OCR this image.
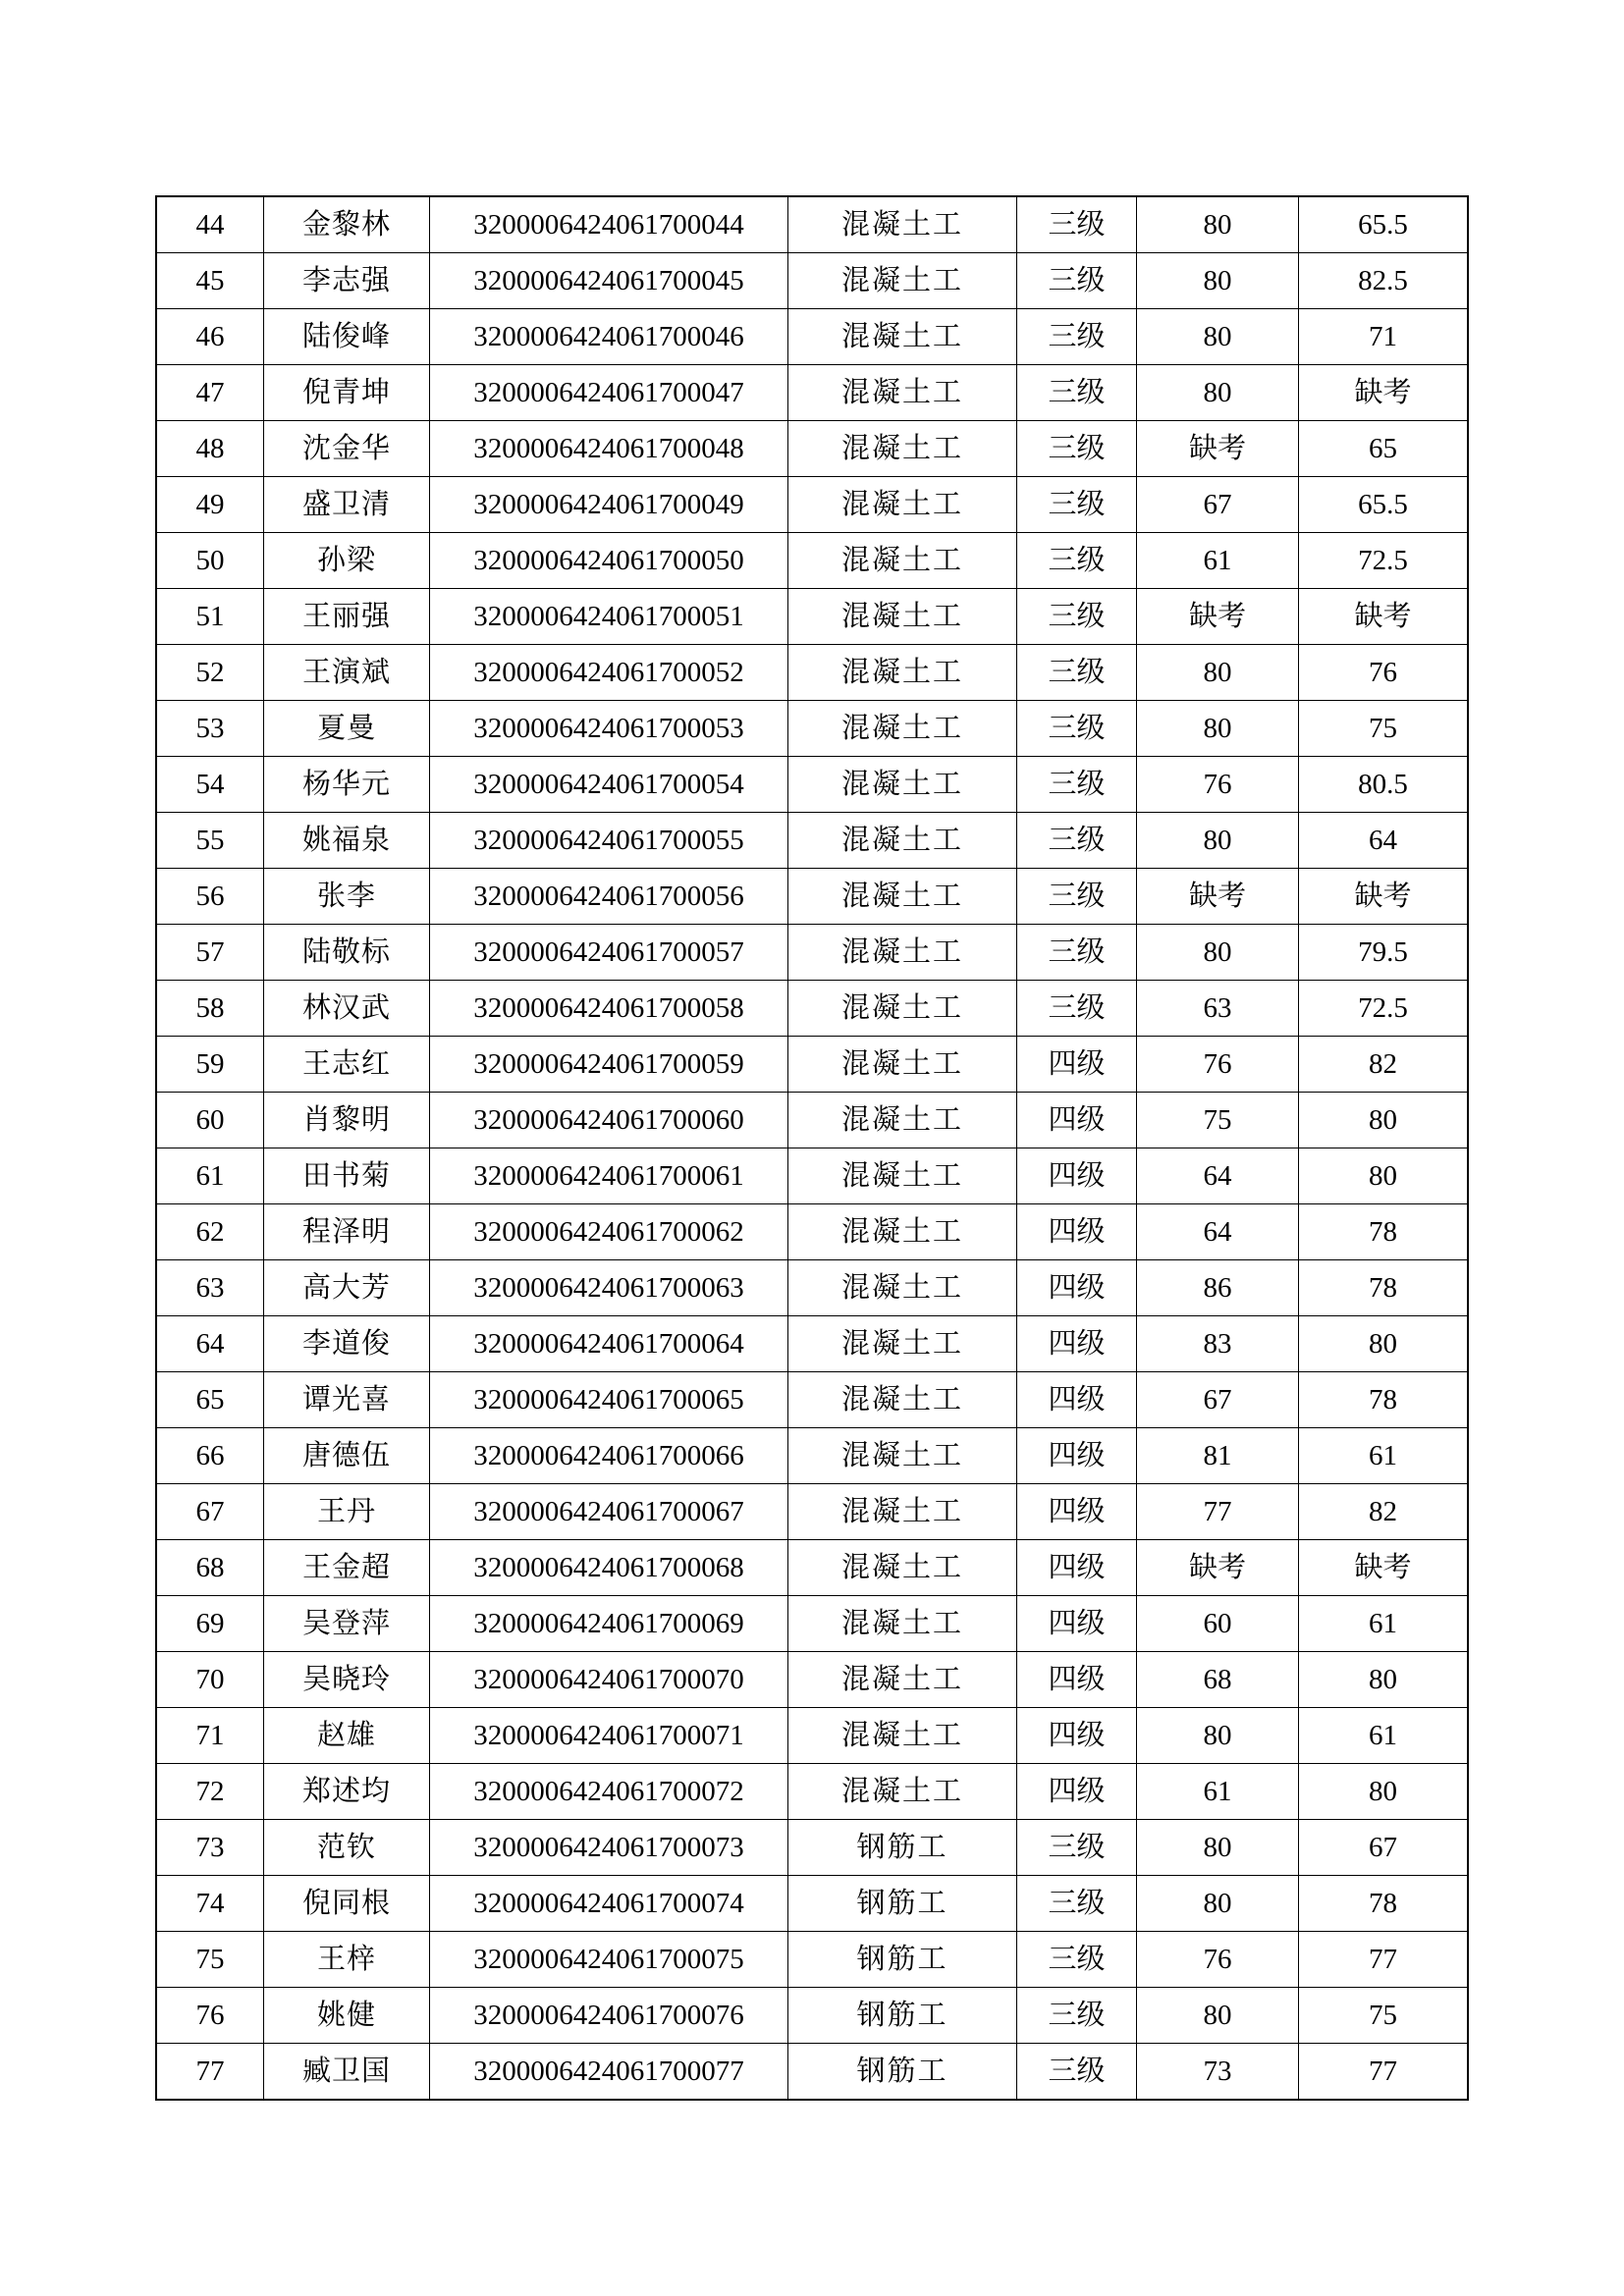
44	金黎林	3200006424061700044	混凝土工	三级	80	65.5
45	李志强	3200006424061700045	混凝土工	三级	80	82.5
46	陆俊峰	3200006424061700046	混凝土工	三级	80	71
47	倪青坤	3200006424061700047	混凝土工	三级	80	缺考
48	沈金华	3200006424061700048	混凝土工	三级	缺考	65
49	盛卫清	3200006424061700049	混凝土工	三级	67	65.5
50	孙梁	3200006424061700050	混凝土工	三级	61	72.5
51	王丽强	3200006424061700051	混凝土工	三级	缺考	缺考
52	王演斌	3200006424061700052	混凝土工	三级	80	76
53	夏曼	3200006424061700053	混凝土工	三级	80	75
54	杨华元	3200006424061700054	混凝土工	三级	76	80.5
55	姚福泉	3200006424061700055	混凝土工	三级	80	64
56	张李	3200006424061700056	混凝土工	三级	缺考	缺考
57	陆敬标	3200006424061700057	混凝土工	三级	80	79.5
58	林汉武	3200006424061700058	混凝土工	三级	63	72.5
59	王志红	3200006424061700059	混凝土工	四级	76	82
60	肖黎明	3200006424061700060	混凝土工	四级	75	80
61	田书菊	3200006424061700061	混凝土工	四级	64	80
62	程泽明	3200006424061700062	混凝土工	四级	64	78
63	高大芳	3200006424061700063	混凝土工	四级	86	78
64	李道俊	3200006424061700064	混凝土工	四级	83	80
65	谭光喜	3200006424061700065	混凝土工	四级	67	78
66	唐德伍	3200006424061700066	混凝土工	四级	81	61
67	王丹	3200006424061700067	混凝土工	四级	77	82
68	王金超	3200006424061700068	混凝土工	四级	缺考	缺考
69	吴登萍	3200006424061700069	混凝土工	四级	60	61
70	吴晓玲	3200006424061700070	混凝土工	四级	68	80
71	赵雄	3200006424061700071	混凝土工	四级	80	61
72	郑述均	3200006424061700072	混凝土工	四级	61	80
73	范钦	3200006424061700073	钢筋工	三级	80	67
74	倪同根	3200006424061700074	钢筋工	三级	80	78
75	王梓	3200006424061700075	钢筋工	三级	76	77
76	姚健	3200006424061700076	钢筋工	三级	80	75
77	臧卫国	3200006424061700077	钢筋工	三级	73	77
